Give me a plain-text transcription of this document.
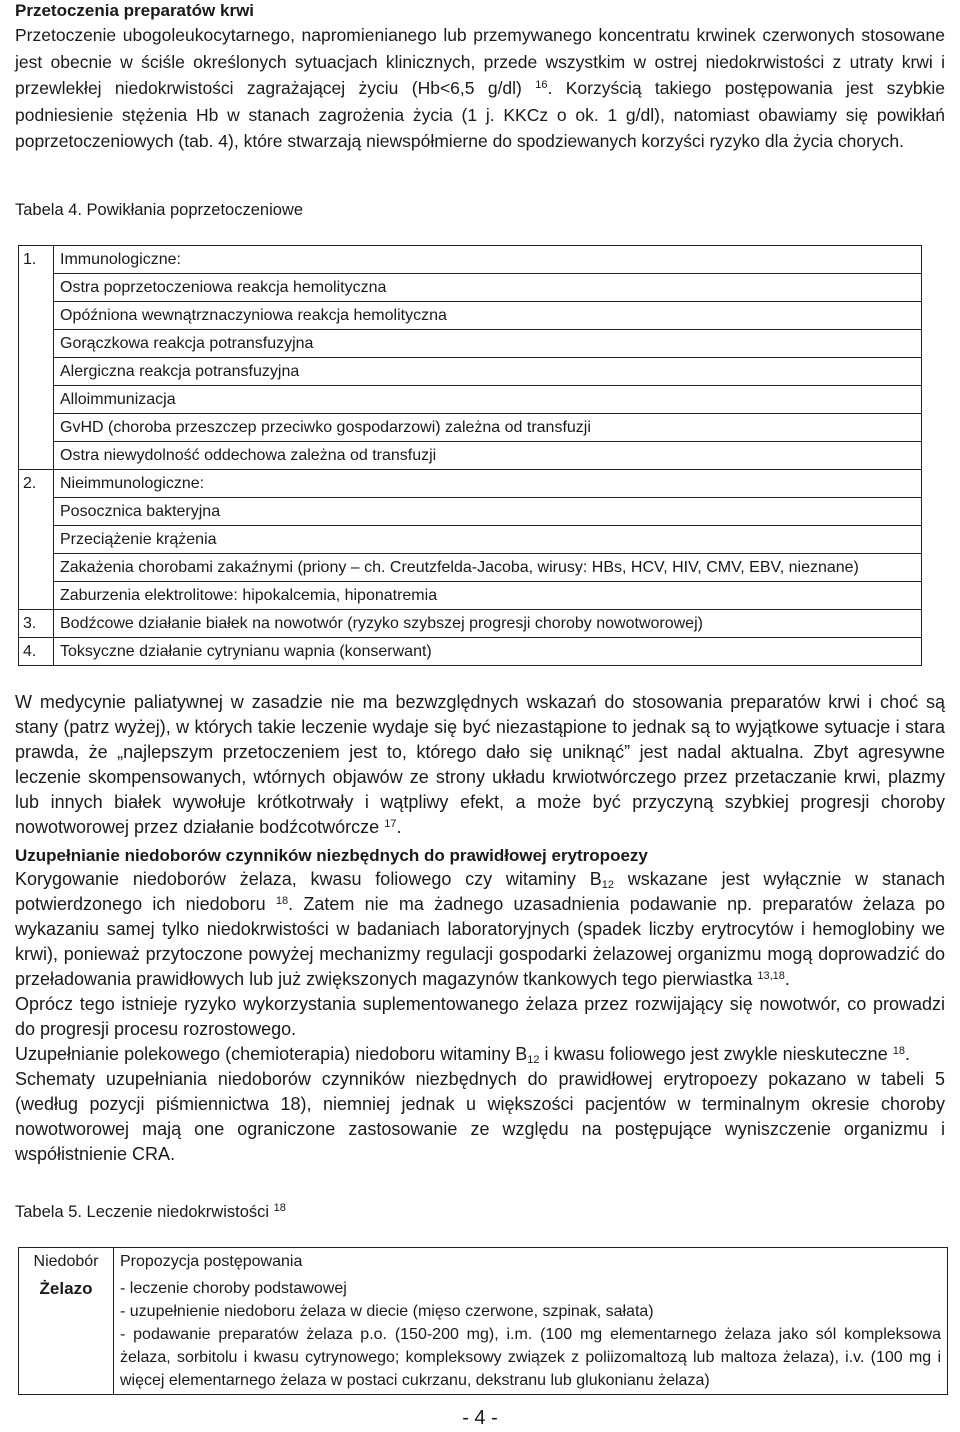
Przetoczenia preparatów krwi

Przetoczenie ubogoleukocytarnego, napromienianego lub przemywanego koncentratu krwinek czerwonych stosowane jest obecnie w ściśle określonych sytuacjach klinicznych, przede wszystkim w ostrej niedokrwistości z utraty krwi i przewlekłej niedokrwistości zagrażającej życiu (Hb<6,5 g/dl) $^{16}$. Korzyścią takiego postępowania jest szybkie podniesienie stężenia Hb w stanach zagrożenia życia (1 j. KKCz o ok. 1 g/dl), natomiast obawiamy się powikłań poprzetoczeniowych (tab. 4), które stwarzają niewspółmierne do spodziewanych korzyści ryzyko dla życia chorych.

Tabela 4. Powikłania poprzetoczeniowe

1.	Immunologiczne:
	Ostra poprzetoczeniowa reakcja hemolityczna
	Opóźniona wewnątrznaczyniowa reakcja hemolityczna
	Gorączkowa reakcja potransfuzyjna
	Alergiczna reakcja potransfuzyjna
	Alloimmunizacja
	GvHD (choroba przeszczep przeciwko gospodarzowi) zależna od transfuzji
	Ostra niewydolność oddechowa zależna od transfuzji
2.	Nieimmunologiczne:
	Posocznica bakteryjna
	Przeciążenie krążenia
	Zakażenia chorobami zakaźnymi (priony – ch. Creutzfelda-Jacoba, wirusy: HBs, HCV, HIV, CMV, EBV, nieznane)
	Zaburzenia elektrolitowe: hipokalcemia, hiponatremia
3.	Bodźcowe działanie białek na nowotwór (ryzyko szybszej progresji choroby nowotworowej)
4.	Toksyczne działanie cytrynianu wapnia (konserwant)

W medycynie paliatywnej w zasadzie nie ma bezwzględnych wskazań do stosowania preparatów krwi i choć są stany (patrz wyżej), w których takie leczenie wydaje się być niezastąpione to jednak są to wyjątkowe sytuacje i stara prawda, że „najlepszym przetoczeniem jest to, którego dało się uniknąć” jest nadal aktualna. Zbyt agresywne leczenie skompensowanych, wtórnych objawów ze strony układu krwiotwórczego przez przetaczanie krwi, plazmy lub innych białek wywołuje krótkotrwały i wątpliwy efekt, a może być przyczyną szybkiej progresji choroby nowotworowej przez działanie bodźcotwórcze $^{17}$.

Uzupełnianie niedoborów czynników niezbędnych do prawidłowej erytropoezy

Korygowanie niedoborów żelaza, kwasu foliowego czy witaminy $B_{12}$ wskazane jest wyłącznie w stanach potwierdzonego ich niedoboru $^{18}$. Zatem nie ma żadnego uzasadnienia podawanie np. preparatów żelaza po wykazaniu samej tylko niedokrwistości w badaniach laboratoryjnych (spadek liczby erytrocytów i hemoglobiny we krwi), ponieważ przytoczone powyżej mechanizmy regulacji gospodarki żelazowej organizmu mogą doprowadzić do przeładowania prawidłowych lub już zwiększonych magazynów tkankowych tego pierwiastka $^{13,18}$.

Oprócz tego istnieje ryzyko wykorzystania suplementowanego żelaza przez rozwijający się nowotwór, co prowadzi do progresji procesu rozrostowego.

Uzupełnianie polekowego (chemioterapia) niedoboru witaminy $B_{12}$ i kwasu foliowego jest zwykle nieskuteczne $^{18}$.

Schematy uzupełniania niedoborów czynników niezbędnych do prawidłowej erytropoezy pokazano w tabeli 5 (według pozycji piśmiennictwa 18), niemniej jednak u większości pacjentów w terminalnym okresie choroby nowotworowej mają one ograniczone zastosowanie ze względu na postępujące wyniszczenie organizmu i współistnienie CRA.

Tabela 5. Leczenie niedokrwistości $^{18}$

Niedobór	Propozycja postępowania
Żelazo	- leczenie choroby podstawowej
- uzupełnienie niedoboru żelaza w diecie (mięso czerwone, szpinak, sałata)
- podawanie preparatów żelaza p.o. (150-200 mg), i.m. (100 mg elementarnego żelaza jako sól kompleksowa żelaza, sorbitolu i kwasu cytrynowego; kompleksowy związek z poliizomaltozą lub maltoza żelaza), i.v. (100 mg i więcej elementarnego żelaza w postaci cukrzanu, dekstranu lub glukonianu żelaza)
- 4 -
